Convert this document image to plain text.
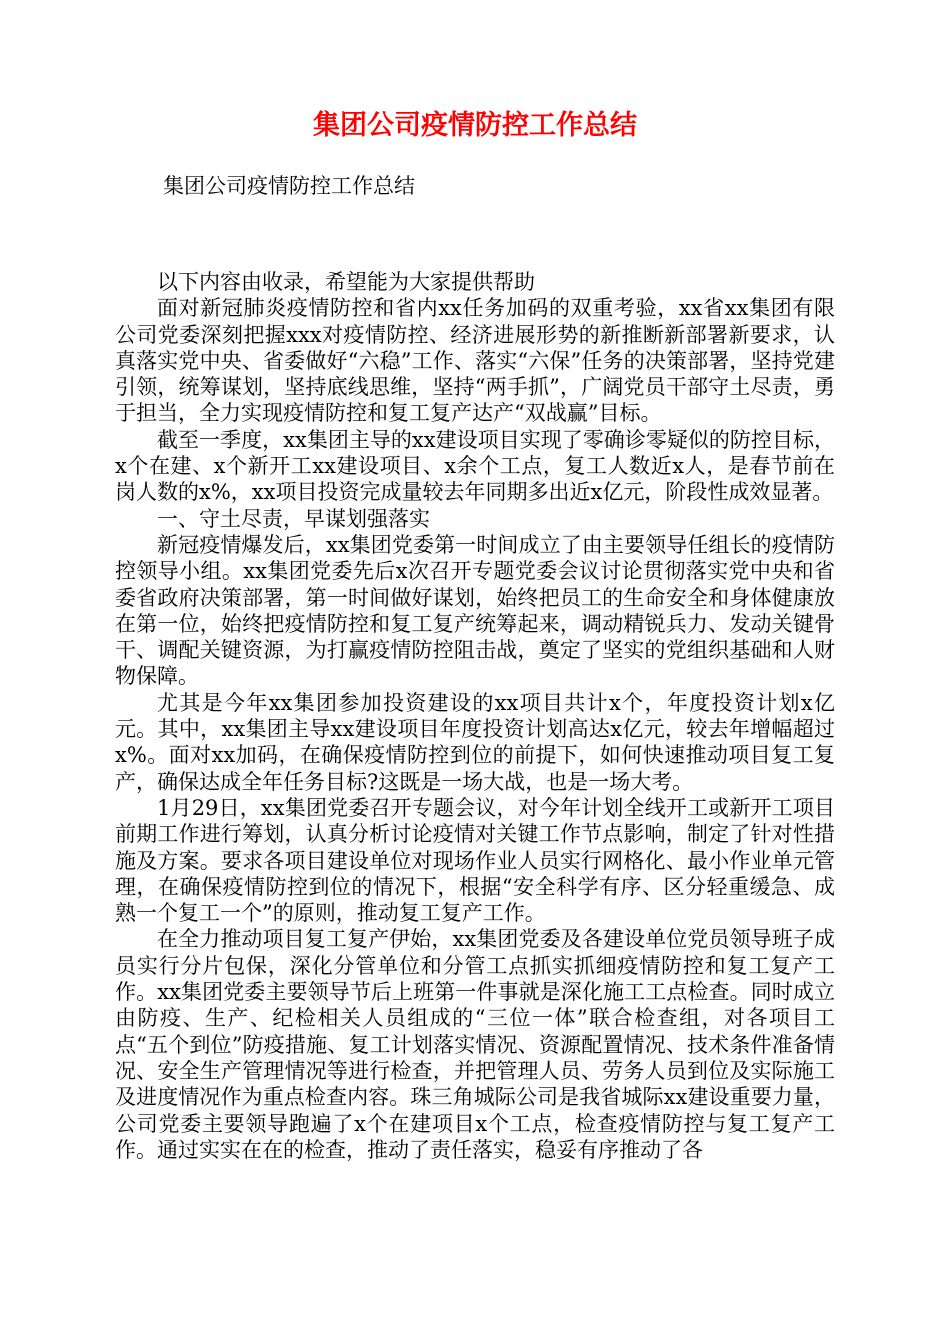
集团公司疫情防控工作总结

集团公司疫情防控工作总结

以下内容由收录，希望能为大家提供帮助

面对新冠肺炎疫情防控和省内xx任务加码的双重考验，xx省xx集团有限公司党委深刻把握xxx对疫情防控、经济进展形势的新推断新部署新要求，认真落实党中央、省委做好“六稳”工作、落实“六保”任务的决策部署，坚持党建引领，统筹谋划，坚持底线思维，坚持“两手抓”，广阔党员干部守土尽责，勇于担当，全力实现疫情防控和复工复产达产“双战赢”目标。

截至一季度，xx集团主导的xx建设项目实现了零确诊零疑似的防控目标，x个在建、x个新开工xx建设项目、x余个工点，复工人数近x人，是春节前在岗人数的x%，xx项目投资完成量较去年同期多出近x亿元，阶段性成效显著。

一、守土尽责，早谋划强落实

新冠疫情爆发后，xx集团党委第一时间成立了由主要领导任组长的疫情防控领导小组。xx集团党委先后x次召开专题党委会议讨论贯彻落实党中央和省委省政府决策部署，第一时间做好谋划，始终把员工的生命安全和身体健康放在第一位，始终把疫情防控和复工复产统筹起来，调动精锐兵力、发动关键骨干、调配关键资源，为打赢疫情防控阻击战，奠定了坚实的党组织基础和人财物保障。

尤其是今年xx集团参加投资建设的xx项目共计x个，年度投资计划x亿元。其中，xx集团主导xx建设项目年度投资计划高达x亿元，较去年增幅超过x%。面对xx加码，在确保疫情防控到位的前提下，如何快速推动项目复工复产，确保达成全年任务目标?这既是一场大战，也是一场大考。

1月29日，xx集团党委召开专题会议，对今年计划全线开工或新开工项目前期工作进行筹划，认真分析讨论疫情对关键工作节点影响，制定了针对性措施及方案。要求各项目建设单位对现场作业人员实行网格化、最小作业单元管理，在确保疫情防控到位的情况下，根据“安全科学有序、区分轻重缓急、成熟一个复工一个”的原则，推动复工复产工作。

在全力推动项目复工复产伊始，xx集团党委及各建设单位党员领导班子成员实行分片包保，深化分管单位和分管工点抓实抓细疫情防控和复工复产工作。xx集团党委主要领导节后上班第一件事就是深化施工工点检查。同时成立由防疫、生产、纪检相关人员组成的“三位一体”联合检查组，对各项目工点“五个到位”防疫措施、复工计划落实情况、资源配置情况、技术条件准备情况、安全生产管理情况等进行检查，并把管理人员、劳务人员到位及实际施工及进度情况作为重点检查内容。珠三角城际公司是我省城际xx建设重要力量，公司党委主要领导跑遍了x个在建项目x个工点，检查疫情防控与复工复产工作。通过实实在在的检查，推动了责任落实，稳妥有序推动了各
